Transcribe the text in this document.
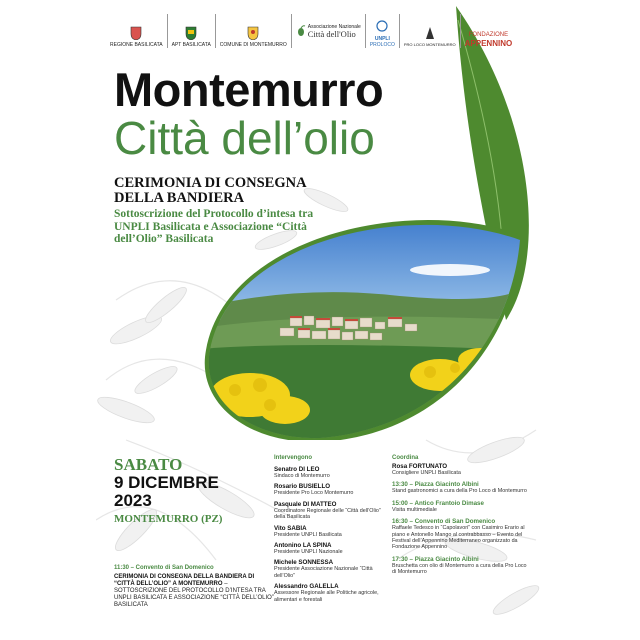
REGIONE BASILICATA APT BASILICATA COMUNE DI MONTEMURRO
Associazione Nazionale
Città dell'Olio
UNPLI
PROLOCO PRO LOCO MONTEMURRO
FONDAZIONE
APPENNINO
Montemurro
Città dell’olio
CERIMONIA DI CONSEGNA
DELLA BANDIERA
Sottoscrizione del Protocollo d’intesa tra UNPLI Basilicata e Associazione “Città dell’Olio” Basilicata
SABATO
9 DICEMBRE
2023
MONTEMURRO (PZ)
11:30 – Convento di San Domenico
CERIMONIA DI CONSEGNA DELLA BANDIERA DI “CITTÀ DELL’OLIO” A MONTEMURRO – SOTTOSCRIZIONE DEL PROTOCOLLO D’INTESA TRA UNPLI BASILICATA E ASSOCIAZIONE “CITTÀ DELL’OLIO” BASILICATA
Intervengono
Senatro DI LEO
Sindaco di Montemurro
Rosario BUSIELLO
Presidente Pro Loco Montemurro
Pasquale DI MATTEO
Coordinatore Regionale delle “Città dell’Olio” della Basilicata
Vito SABIA
Presidente UNPLI Basilicata
Antonino LA SPINA
Presidente UNPLI Nazionale
Michele SONNESSA
Presidente Associazione Nazionale “Città dell’Olio”
Alessandro GALELLA
Assessore Regionale alle Politiche agricole, alimentari e forestali
Coordina
Rosa FORTUNATO
Consigliere UNPLI Basilicata
13:30 – Piazza Giacinto Albini
Stand gastronomici a cura della Pro Loco di Montemurro
15:00 – Antico Frantoio Dimase
Visita multimediale
16:30 – Convento di San Domenico
Raffaele Tedesco in “Capolavori” con Casimiro Erario al piano e Antonello Mango al contrabbasso – Evento del Festival dell’Appennino Mediterraneo organizzato da Fondazione Appennino
17:30 – Piazza Giacinto Albini
Bruschetta con olio di Montemurro a cura della Pro Loco di Montemurro
